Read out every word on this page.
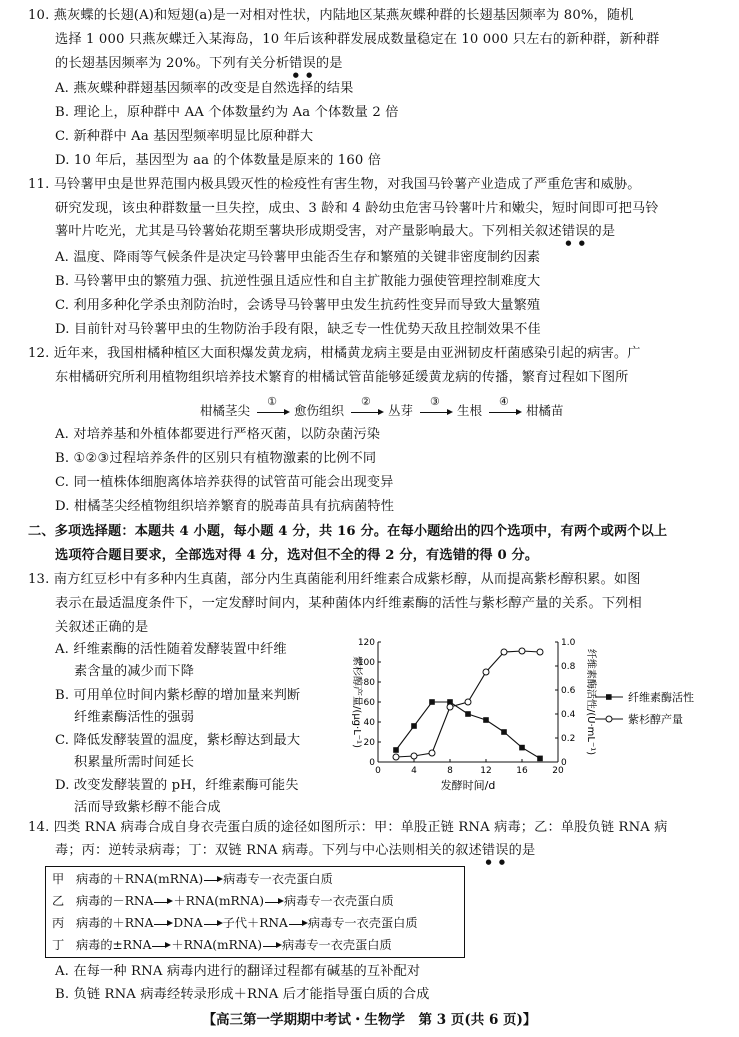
10. 燕灰蝶的长翅(A)和短翅(a)是一对相对性状，内陆地区某燕灰蝶种群的长翅基因频率为 80%，随机
选择 1 000 只燕灰蝶迁入某海岛，10 年后该种群发展成数量稳定在 10 000 只左右的新种群，新种群
的长翅基因频率为 20%。下列有关分析错误的是
A. 燕灰蝶种群翅基因频率的改变是自然选择的结果
B. 理论上，原种群中 AA 个体数量约为 Aa 个体数量 2 倍
C. 新种群中 Aa 基因型频率明显比原种群大
D. 10 年后，基因型为 aa 的个体数量是原来的 160 倍
11. 马铃薯甲虫是世界范围内极具毁灭性的检疫性有害生物，对我国马铃薯产业造成了严重危害和威胁。
研究发现，该虫种群数量一旦失控，成虫、3 龄和 4 龄幼虫危害马铃薯叶片和嫩尖，短时间即可把马铃
薯叶片吃光，尤其是马铃薯始花期至薯块形成期受害，对产量影响最大。下列相关叙述错误的是
A. 温度、降雨等气候条件是决定马铃薯甲虫能否生存和繁殖的关键非密度制约因素
B. 马铃薯甲虫的繁殖力强、抗逆性强且适应性和自主扩散能力强使管理控制难度大
C. 利用多种化学杀虫剂防治时，会诱导马铃薯甲虫发生抗药性变异而导致大量繁殖
D. 目前针对马铃薯甲虫的生物防治手段有限，缺乏专一性优势天敌且控制效果不佳
12. 近年来，我国柑橘种植区大面积爆发黄龙病，柑橘黄龙病主要是由亚洲韧皮杆菌感染引起的病害。广
东柑橘研究所利用植物组织培养技术繁育的柑橘试管苗能够延缓黄龙病的传播，繁育过程如下图所
柑橘茎尖
①
愈伤组织
②
丛芽
③
生根
④
柑橘苗
A. 对培养基和外植体都要进行严格灭菌，以防杂菌污染
B. ①②③过程培养条件的区别只有植物激素的比例不同
C. 同一植株体细胞离体培养获得的试管苗可能会出现变异
D. 柑橘茎尖经植物组织培养繁育的脱毒苗具有抗病菌特性
二、多项选择题：本题共 4 小题，每小题 4 分，共 16 分。在每小题给出的四个选项中，有两个或两个以上
选项符合题目要求，全部选对得 4 分，选对但不全的得 2 分，有选错的得 0 分。
13. 南方红豆杉中有多种内生真菌，部分内生真菌能利用纤维素合成紫杉醇，从而提高紫杉醇积累。如图
表示在最适温度条件下，一定发酵时间内，某种菌体内纤维素酶的活性与紫杉醇产量的关系。下列相
关叙述正确的是
A. 纤维素酶的活性随着发酵装置中纤维
素含量的减少而下降
B. 可用单位时间内紫杉醇的增加量来判断
纤维素酶活性的强弱
C. 降低发酵装置的温度，紫杉醇达到最大
积累量所需时间延长
D. 改变发酵装置的 pH，纤维素酶可能失
活而导致紫杉醇不能合成
0	4	8	12	16	20
0
20
40
60
80
100
120
0
0.2
0.4
0.6
0.8
1.0
发酵时间/d
紫杉醇产量/(μg·L⁻¹)	纤维素酶活性/(U·mL⁻¹)	纤维素酶活性
紫杉醇产量
14. 四类 RNA 病毒合成自身衣壳蛋白质的途径如图所示：甲：单股正链 RNA 病毒；乙：单股负链 RNA 病
毒；丙：逆转录病毒；丁：双链 RNA 病毒。下列与中心法则相关的叙述错误的是
甲 病毒的＋RNA(mRNA) 病毒专一衣壳蛋白质
乙 病毒的－RNA ＋RNA(mRNA) 病毒专一衣壳蛋白质
丙 病毒的＋RNA DNA 子代＋RNA 病毒专一衣壳蛋白质
丁 病毒的±RNA ＋RNA(mRNA) 病毒专一衣壳蛋白质
A. 在每一种 RNA 病毒内进行的翻译过程都有碱基的互补配对
B. 负链 RNA 病毒经转录形成＋RNA 后才能指导蛋白质的合成
【高三第一学期期中考试・生物学　第 3 页(共 6 页)】
